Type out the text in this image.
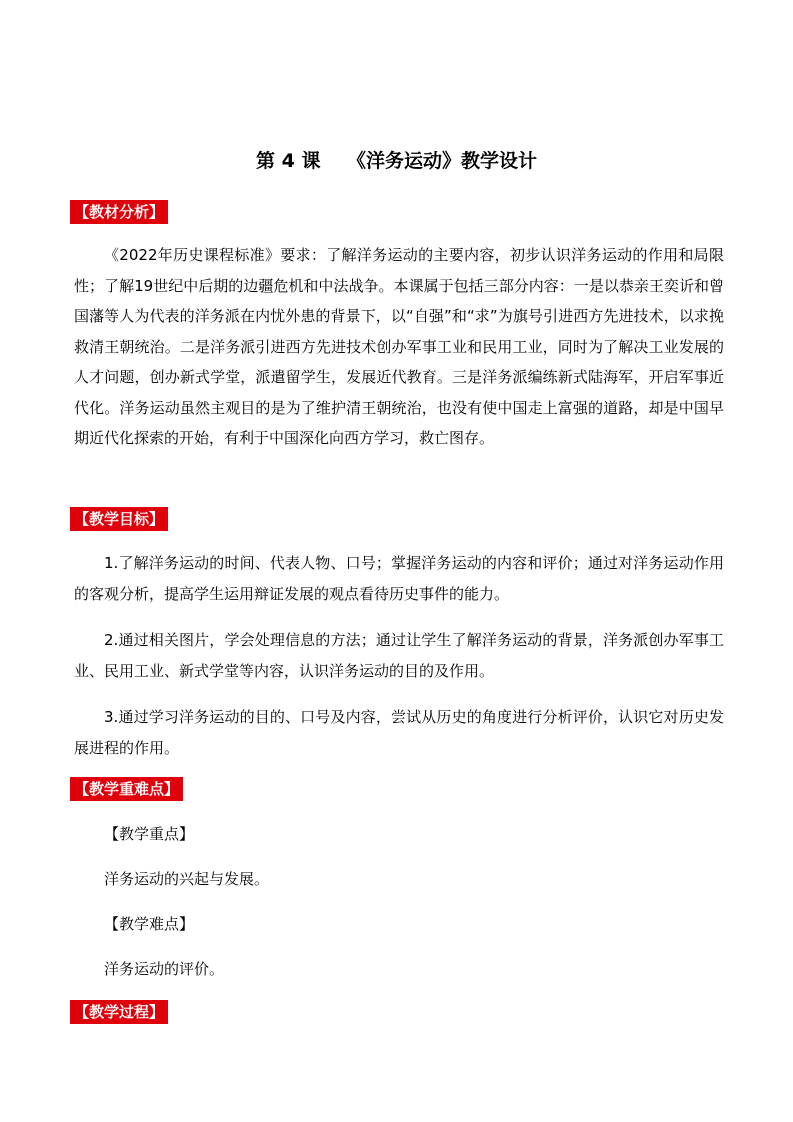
第 4 课    《洋务运动》教学设计
【教材分析】

《2022年历史课程标准》要求：了解洋务运动的主要内容，初步认识洋务运动的作用和局限性；了解19世纪中后期的边疆危机和中法战争。本课属于包括三部分内容：一是以恭亲王奕䜣和曾国藩等人为代表的洋务派在内忧外患的背景下，以“自强”和“求”为旗号引进西方先进技术，以求挽救清王朝统治。二是洋务派引进西方先进技术创办军事工业和民用工业，同时为了解决工业发展的人才问题，创办新式学堂，派遣留学生，发展近代教育。三是洋务派编练新式陆海军，开启军事近代化。洋务运动虽然主观目的是为了维护清王朝统治，也没有使中国走上富强的道路，却是中国早期近代化探索的开始，有利于中国深化向西方学习，救亡图存。

【教学目标】

1.了解洋务运动的时间、代表人物、口号；掌握洋务运动的内容和评价；通过对洋务运动作用的客观分析，提高学生运用辩证发展的观点看待历史事件的能力。

2.通过相关图片，学会处理信息的方法；通过让学生了解洋务运动的背景，洋务派创办军事工业、民用工业、新式学堂等内容，认识洋务运动的目的及作用。

3.通过学习洋务运动的目的、口号及内容，尝试从历史的角度进行分析评价，认识它对历史发展进程的作用。

【教学重难点】
【教学重点】
洋务运动的兴起与发展。
【教学难点】
洋务运动的评价。
【教学过程】
